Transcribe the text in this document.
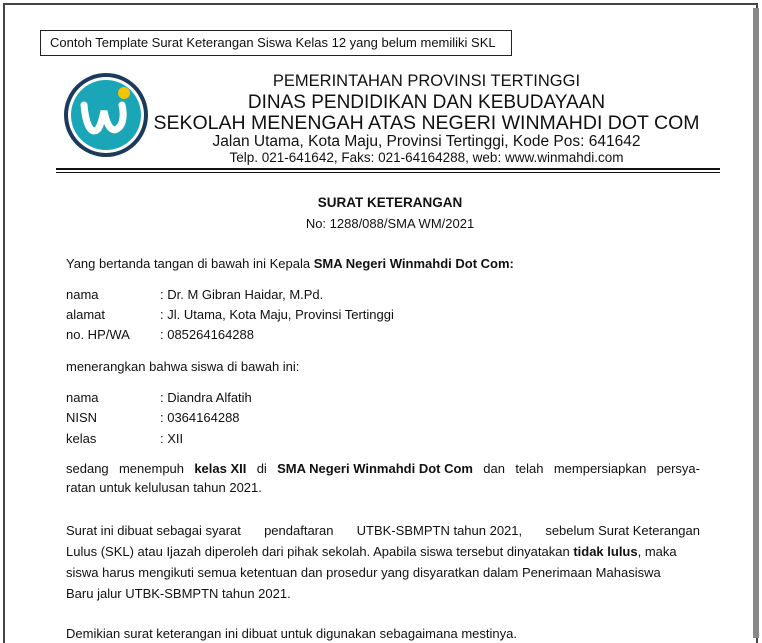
Contoh Template Surat Keterangan Siswa Kelas 12 yang belum memiliki SKL
PEMERINTAHAN PROVINSI TERTINGGI
DINAS PENDIDIKAN DAN KEBUDAYAAN
SEKOLAH MENENGAH ATAS NEGERI WINMAHDI DOT COM
Jalan Utama, Kota Maju, Provinsi Tertinggi, Kode Pos: 641642
Telp. 021-641642, Faks: 021-64164288, web: www.winmahdi.com
SURAT KETERANGAN
No: 1288/088/SMA WM/2021
Yang bertanda tangan di bawah ini Kepala SMA Negeri Winmahdi Dot Com:
nama	: Dr. M Gibran Haidar, M.Pd.
alamat	: Jl. Utama, Kota Maju, Provinsi Tertinggi
no. HP/WA : 085264164288
menerangkan bahwa siswa di bawah ini:
nama	: Diandra Alfatih
NISN	: 0364164288
kelas	: XII
sedang menempuh kelas XII di SMA Negeri Winmahdi Dot Com dan telah mempersiapkan persya-
ratan untuk kelulusan tahun 2021.
Surat ini dibuat sebagai syarat pendaftaran UTBK-SBMPTN tahun 2021, sebelum Surat Keterangan
Lulus (SKL) atau Ijazah diperoleh dari pihak sekolah. Apabila siswa tersebut dinyatakan tidak lulus, maka
siswa harus mengikuti semua ketentuan dan prosedur yang disyaratkan dalam Penerimaan Mahasiswa
Baru jalur UTBK-SBMPTN tahun 2021.
Demikian surat keterangan ini dibuat untuk digunakan sebagaimana mestinya.
